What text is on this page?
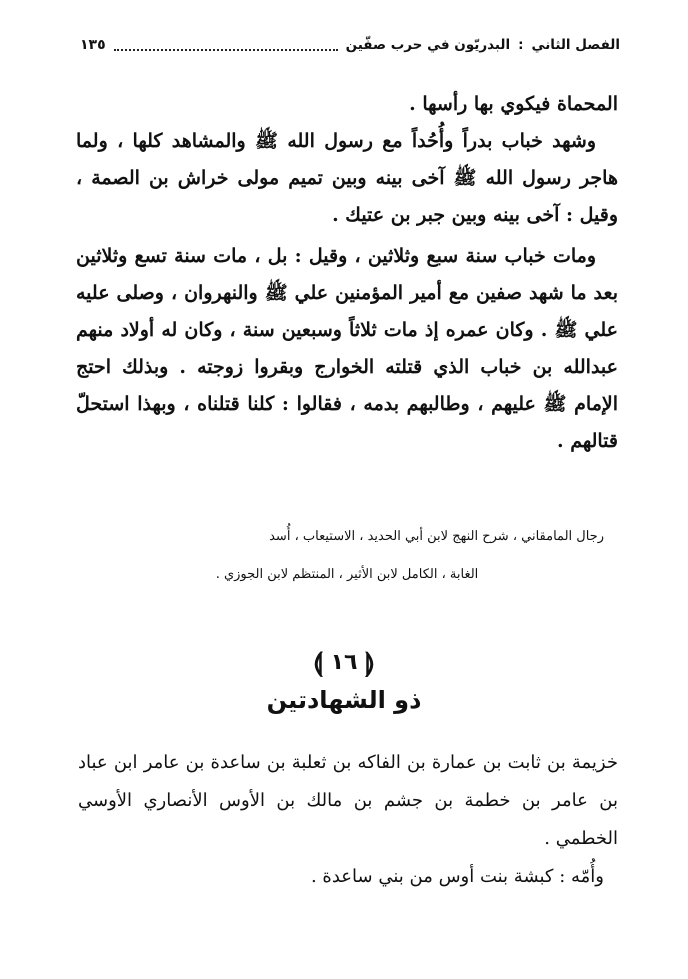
الفصل الثاني
:
البدريّون في حرب صفّين
١٣٥

المحماة فيكوي بها رأسها .

وشهد خباب بدراً وأُحُداً مع رسول الله ﷺ والمشاهد كلها ، ولما هاجر رسول الله ﷺ آخى بينه وبين تميم مولى خراش بن الصمة ، وقيل : آخى بينه وبين جبر بن عتيك .

ومات خباب سنة سبع وثلاثين ، وقيل : بل ، مات سنة تسع وثلاثين بعد ما شهد صفين مع أمير المؤمنين علي ﷺ والنهروان ، وصلى عليه علي ﷺ . وكان عمره إذ مات ثلاثاً وسبعين سنة ، وكان له أولاد منهم عبدالله بن خباب الذي قتلته الخوارج وبقروا زوجته . وبذلك احتج الإمام ﷺ عليهم ، وطالبهم بدمه ، فقالوا : كلنا قتلناه ، وبهذا استحلّ قتالهم .

رجال المامقاني ، شرح النهج لابن أبي الحديد ، الاستيعاب ، أُسد
الغابة ، الكامل لابن الأثير ، المنتظم لابن الجوزي .
⟬ ١٦ ⟭
ذو الشهادتين

خزيمة بن ثابت بن عمارة بن الفاكه بن ثعلبة بن ساعدة بن عامر ابن عباد بن عامر بن خطمة بن جشم بن مالك بن الأوس الأنصاري الأوسي الخطمي .

وأُمّه : كبشة بنت أوس من بني ساعدة .
